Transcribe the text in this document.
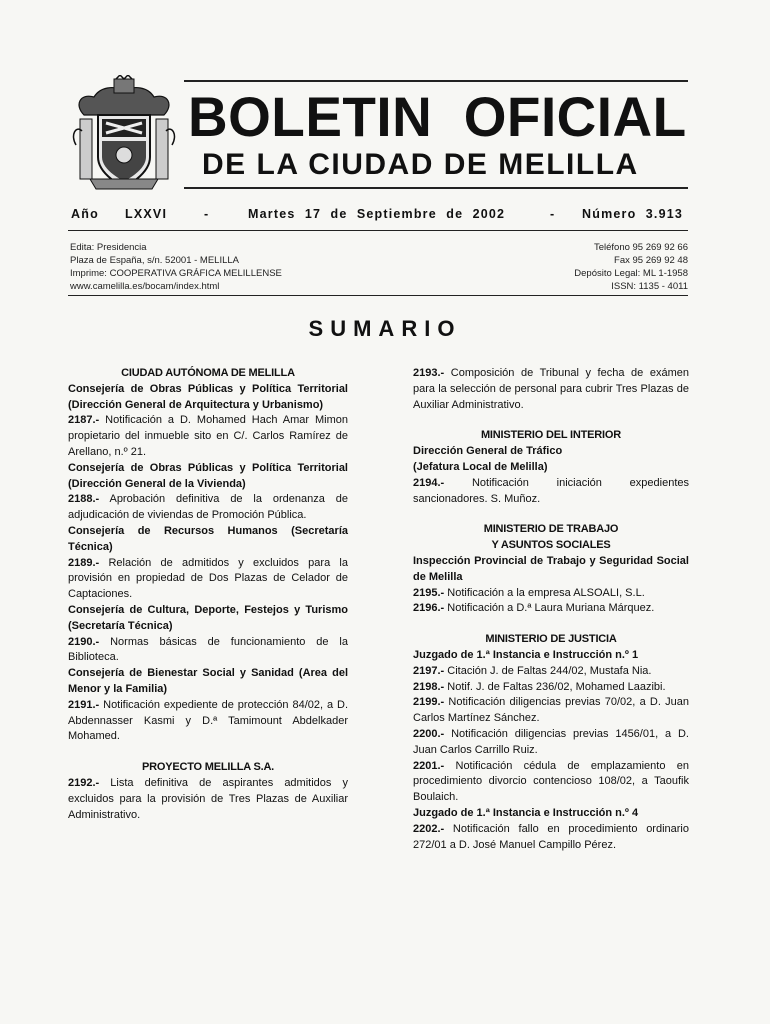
BOLETIN  OFICIAL
DE LA CIUDAD DE MELILLA
Año LXXVI	-	Martes  17  de  Septiembre  de  2002	- Número  3.913
Edita: Presidencia
Plaza de España, s/n. 52001 - MELILLA
Imprime: COOPERATIVA GRÁFICA MELILLENSE
www.camelilla.es/bocam/index.html
Teléfono 95 269 92 66
Fax 95 269 92 48
Depósito Legal: ML 1-1958
ISSN: 1135 - 4011
SUMARIO

CIUDAD AUTÓNOMA DE MELILLA

Consejería de Obras Públicas y Política Territorial (Dirección General de Arquitectura y Urbanismo)

2187.- Notificación a D. Mohamed Hach Amar Mimon propietario del inmueble sito en C/. Carlos Ramírez de Arellano, n.º 21.

Consejería de Obras Públicas y Política Territorial (Dirección General de la Vivienda)

2188.- Aprobación definitiva de la ordenanza de adjudicación de viviendas de Promoción Pública.

Consejería de Recursos Humanos (Secretaría Técnica)

2189.- Relación de admitidos y excluidos para la provisión en propiedad de Dos Plazas de Celador de Captaciones.

Consejería de Cultura, Deporte, Festejos y Turismo (Secretaría Técnica)

2190.- Normas básicas de funcionamiento de la Biblioteca.

Consejería de Bienestar Social y Sanidad (Area del Menor y la Familia)

2191.- Notificación expediente de protección 84/02, a D. Abdennasser Kasmi y D.ª Tamimount Abdelkader Mohamed.

PROYECTO MELILLA S.A.

2192.- Lista definitiva de aspirantes admitidos y excluidos para la provisión de Tres Plazas de Auxiliar Administrativo.

2193.- Composición de Tribunal y fecha de exámen para la selección de personal para cubrir Tres Plazas de Auxiliar Administrativo.

MINISTERIO DEL INTERIOR

Dirección General de Tráfico

(Jefatura Local de Melilla)

2194.- Notificación iniciación expedientes sancionadores. S. Muñoz.

MINISTERIO DE TRABAJO

Y ASUNTOS SOCIALES

Inspección Provincial de Trabajo y Seguridad Social de Melilla

2195.- Notificación a la empresa ALSOALI, S.L.

2196.- Notificación a D.ª Laura Muriana Márquez.

MINISTERIO DE JUSTICIA

Juzgado de 1.ª Instancia e Instrucción n.º 1

2197.- Citación J. de Faltas 244/02, Mustafa Nia.

2198.- Notif. J. de Faltas 236/02, Mohamed Laazibi.

2199.- Notificación diligencias previas 70/02, a D. Juan Carlos Martínez Sánchez.

2200.- Notificación diligencias previas 1456/01, a D. Juan Carlos Carrillo Ruiz.

2201.- Notificación cédula de emplazamiento en procedimiento divorcio contencioso 108/02, a Taoufik Boulaich.

Juzgado de 1.ª Instancia e Instrucción n.º 4

2202.- Notificación fallo en procedimiento ordinario 272/01 a D. José Manuel Campillo Pérez.
